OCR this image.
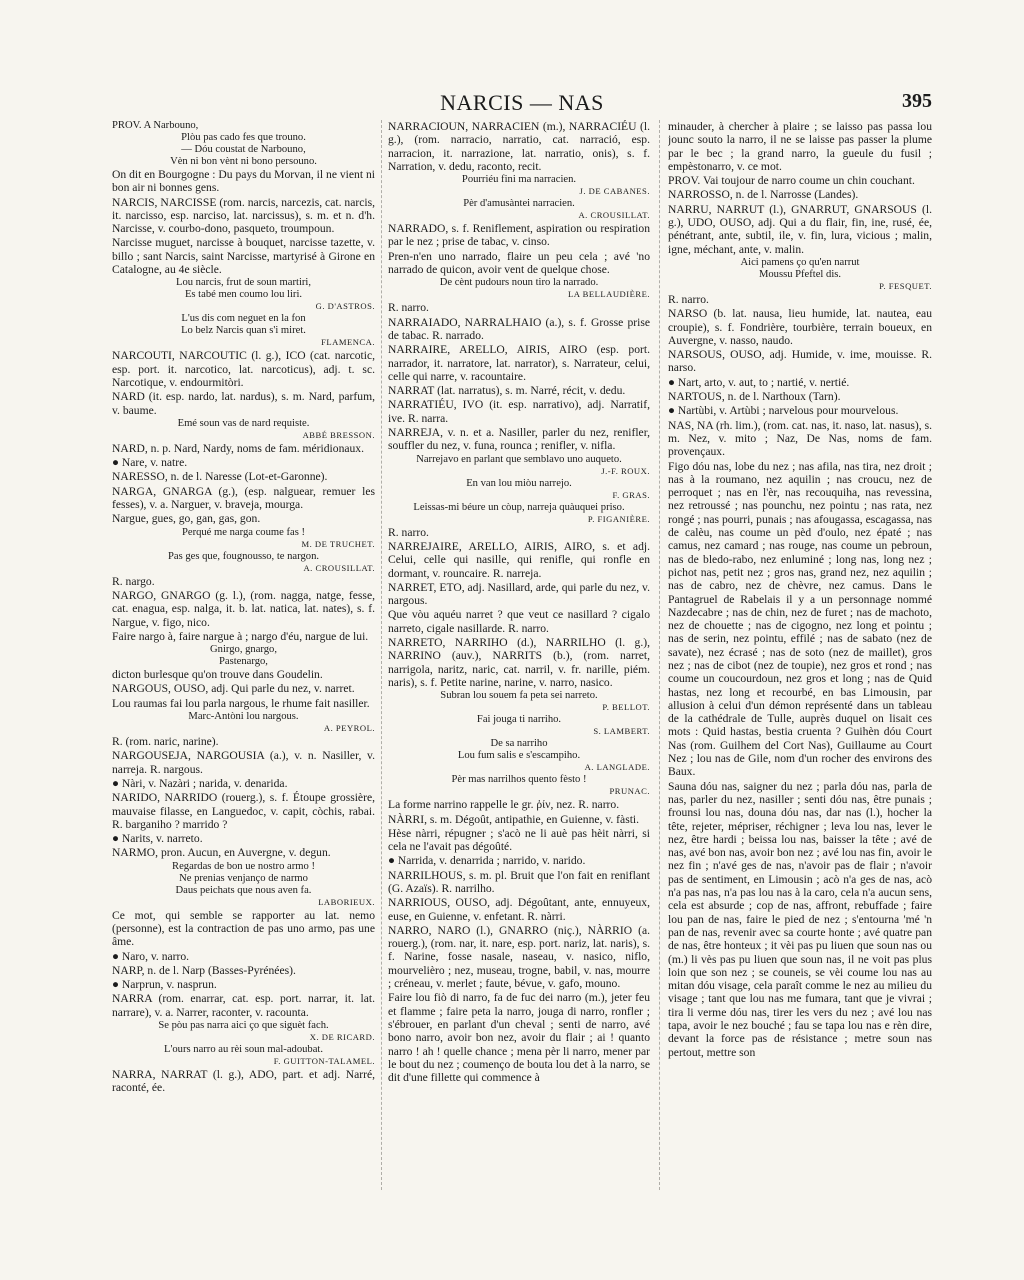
NARCIS — NAS	395

PROV. A Narbouno,

Plòu pas cado fes que trouno.

— Dóu coustat de Narbouno,

Vèn ni bon vènt ni bono persouno.

On dit en Bourgogne : Du pays du Morvan, il ne vient ni bon air ni bonnes gens.

NARCIS, NARCISSE (rom. narcis, narcezis, cat. narcis, it. narcisso, esp. narciso, lat. narcissus), s. m. et n. d'h. Narcisse, v. courbo-dono, pasqueto, troumpoun.

Narcisse muguet, narcisse à bouquet, narcisse tazette, v. billo ; sant Narcis, saint Narcisse, martyrisé à Girone en Catalogne, au 4e siècle.

Lou narcis, frut de soun martiri,

Es tabé men coumo lou liri.

G. D'ASTROS.

L'us dis com neguet en la fon

Lo belz Narcis quan s'i miret.

FLAMENCA.

NARCOUTI, NARCOUTIC (l. g.), ICO (cat. narcotic, esp. port. it. narcotico, lat. narcoticus), adj. t. sc. Narcotique, v. endourmitòri.

NARD (it. esp. nardo, lat. nardus), s. m. Nard, parfum, v. baume.

Emé soun vas de nard requiste.

ABBÉ BRESSON.

NARD, n. p. Nard, Nardy, noms de fam. méridionaux.

● Nare, v. natre.

NARESSO, n. de l. Naresse (Lot-et-Garonne).

NARGA, GNARGA (g.), (esp. nalguear, remuer les fesses), v. a. Narguer, v. braveja, mourga.

Nargue, gues, go, gan, gas, gon.

Perqué me narga coume fas !

M. DE TRUCHET.

Pas ges que, fougnousso, te nargon.

A. CROUSILLAT.

R. nargo.

NARGO, GNARGO (g. l.), (rom. nagga, natge, fesse, cat. enagua, esp. nalga, it. b. lat. natica, lat. nates), s. f. Nargue, v. figo, nico.

Faire nargo à, faire nargue à ; nargo d'éu, nargue de lui.

Gnirgo, gnargo,

Pastenargo,

dicton burlesque qu'on trouve dans Goudelin.

NARGOUS, OUSO, adj. Qui parle du nez, v. narret.

Lou raumas fai lou parla nargous, le rhume fait nasiller.

Marc-Antòni lou nargous.

A. PEYROL.

R. (rom. naric, narine).

NARGOUSEJA, NARGOUSIA (a.), v. n. Nasiller, v. narreja. R. nargous.

● Nàri, v. Nazàri ; narida, v. denarida.

NARIDO, NARRIDO (rouerg.), s. f. Étoupe grossière, mauvaise filasse, en Languedoc, v. capit, còchis, rabai. R. barganiho ? marrido ?

● Narits, v. narreto.

NARMO, pron. Aucun, en Auvergne, v. degun.

Regardas de bon ue nostro armo !

Ne prenias venjanço de narmo

Daus peichats que nous aven fa.

LABORIEUX.

Ce mot, qui semble se rapporter au lat. nemo (personne), est la contraction de pas uno armo, pas une âme.

● Naro, v. narro.

NARP, n. de l. Narp (Basses-Pyrénées).

● Narprun, v. nasprun.

NARRA (rom. enarrar, cat. esp. port. narrar, it. lat. narrare), v. a. Narrer, raconter, v. racounta.

Se pòu pas narra aici ço que siguèt fach.

X. DE RICARD.

L'ours narro au rèi soun mal-adoubat.

F. GUITTON-TALAMEL.

NARRA, NARRAT (l. g.), ADO, part. et adj. Narré, raconté, ée.

NARRACIOUN, NARRACIEN (m.), NARRACIÉU (l. g.), (rom. narracio, narratio, cat. narració, esp. narracion, it. narrazione, lat. narratio, onis), s. f. Narration, v. dedu, raconto, recit.

Pourriéu fini ma narracien.

J. DE CABANES.

Pèr d'amusàntei narracien.

A. CROUSILLAT.

NARRADO, s. f. Reniflement, aspiration ou respiration par le nez ; prise de tabac, v. cinso.

Pren-n'en uno narrado, flaire un peu cela ; avé 'no narrado de quicon, avoir vent de quelque chose.

De cènt pudours noun tiro la narrado.

LA BELLAUDIÈRE.

R. narro.

NARRAIADO, NARRALHAIO (a.), s. f. Grosse prise de tabac. R. narrado.

NARRAIRE, ARELLO, AIRIS, AIRO (esp. port. narrador, it. narratore, lat. narrator), s. Narrateur, celui, celle qui narre, v. racountaire.

NARRAT (lat. narratus), s. m. Narré, récit, v. dedu.

NARRATIÉU, IVO (it. esp. narrativo), adj. Narratif, ive. R. narra.

NARREJA, v. n. et a. Nasiller, parler du nez, renifler, souffler du nez, v. funa, rounca ; renifler, v. nifla.

Narrejavo en parlant que semblavo uno auqueto.

J.-F. ROUX.

En van lou miòu narrejo.

F. GRAS.

Leissas-mi béure un còup, narreja quàuquei priso.

P. FIGANIÈRE.

R. narro.

NARREJAIRE, ARELLO, AIRIS, AIRO, s. et adj. Celui, celle qui nasille, qui renifle, qui ronfle en dormant, v. rouncaire. R. narreja.

NARRET, ETO, adj. Nasillard, arde, qui parle du nez, v. nargous.

Que vòu aquéu narret ? que veut ce nasillard ? cigalo narreto, cigale nasillarde. R. narro.

NARRETO, NARRIHO (d.), NARRILHO (l. g.), NARRINO (auv.), NARRITS (b.), (rom. narret, narrigola, naritz, naric, cat. narril, v. fr. narille, piém. naris), s. f. Petite narine, narine, v. narro, nasico.

Subran lou souem fa peta sei narreto.

P. BELLOT.

Fai jouga ti narriho.

S. LAMBERT.

De sa narriho

Lou fum salis e s'escampiho.

A. LANGLADE.

Pèr mas narrilhos quento fèsto !

PRUNAC.

La forme narrino rappelle le gr. ῥίν, nez. R. narro.

NÀRRI, s. m. Dégoût, antipathie, en Guienne, v. fàsti.

Hèse nàrri, répugner ; s'acò ne li auè pas hèit nàrri, si cela ne l'avait pas dégoûté.

● Narrida, v. denarrida ; narrido, v. narido.

NARRILHOUS, s. m. pl. Bruit que l'on fait en reniflant (G. Azaïs). R. narrilho.

NARRIOUS, OUSO, adj. Dégoûtant, ante, ennuyeux, euse, en Guienne, v. enfetant. R. nàrri.

NARRO, NARO (l.), GNARRO (niç.), NÀRRIO (a. rouerg.), (rom. nar, it. nare, esp. port. nariz, lat. naris), s. f. Narine, fosse nasale, naseau, v. nasico, niflo, mourvelièro ; nez, museau, trogne, babil, v. nas, mourre ; créneau, v. merlet ; faute, bévue, v. gafo, mouno.

Faire lou fiò di narro, fa de fuc dei narro (m.), jeter feu et flamme ; faire peta la narro, jouga di narro, ronfler ; s'ébrouer, en parlant d'un cheval ; senti de narro, avé bono narro, avoir bon nez, avoir du flair ; ai ! quanto narro ! ah ! quelle chance ; mena pèr li narro, mener par le bout du nez ; coumenço de bouta lou det à la narro, se dit d'une fillette qui commence à

minauder, à chercher à plaire ; se laisso pas passa lou jounc souto la narro, il ne se laisse pas passer la plume par le bec ; la grand narro, la gueule du fusil ; empèstonarro, v. ce mot.

PROV. Vai toujour de narro coume un chin couchant.

NARROSSO, n. de l. Narrosse (Landes).

NARRU, NARRUT (l.), GNARRUT, GNARSOUS (l. g.), UDO, OUSO, adj. Qui a du flair, fin, ine, rusé, ée, pénétrant, ante, subtil, ile, v. fin, lura, vicious ; malin, igne, méchant, ante, v. malin.

Aici pamens ço qu'en narrut

Moussu Pfeftel dis.

P. FESQUET.

R. narro.

NARSO (b. lat. nausa, lieu humide, lat. nautea, eau croupie), s. f. Fondrière, tourbière, terrain boueux, en Auvergne, v. nasso, naudo.

NARSOUS, OUSO, adj. Humide, v. ime, mouisse. R. narso.

● Nart, arto, v. aut, to ; nartié, v. nertié.

NARTOUS, n. de l. Narthoux (Tarn).

● Nartùbi, v. Artùbi ; narvelous pour mourvelous.

NAS, NA (rh. lim.), (rom. cat. nas, it. naso, lat. nasus), s. m. Nez, v. mito ; Naz, De Nas, noms de fam. provençaux.

Figo dóu nas, lobe du nez ; nas afila, nas tira, nez droit ; nas à la roumano, nez aquilin ; nas croucu, nez de perroquet ; nas en l'èr, nas recouquiha, nas revessina, nez retroussé ; nas pounchu, nez pointu ; nas rata, nez rongé ; nas pourri, punais ; nas afougassa, escagassa, nas de calèu, nas coume un pèd d'oulo, nez épaté ; nas camus, nez camard ; nas rouge, nas coume un pebroun, nas de bledo-rabo, nez enluminé ; long nas, long nez ; pichot nas, petit nez ; gros nas, grand nez, nez aquilin ; nas de cabro, nez de chèvre, nez camus. Dans le Pantagruel de Rabelais il y a un personnage nommé Nazdecabre ; nas de chin, nez de furet ; nas de machoto, nez de chouette ; nas de cigogno, nez long et pointu ; nas de serin, nez pointu, effilé ; nas de sabato (nez de savate), nez écrasé ; nas de soto (nez de maillet), gros nez ; nas de cibot (nez de toupie), nez gros et rond ; nas coume un coucourdoun, nez gros et long ; nas de Quid hastas, nez long et recourbé, en bas Limousin, par allusion à celui d'un démon représenté dans un tableau de la cathédrale de Tulle, auprès duquel on lisait ces mots : Quid hastas, bestia cruenta ? Guihèn dóu Court Nas (rom. Guilhem del Cort Nas), Guillaume au Court Nez ; lou nas de Gile, nom d'un rocher des environs des Baux.

Sauna dóu nas, saigner du nez ; parla dóu nas, parla de nas, parler du nez, nasiller ; senti dóu nas, être punais ; frounsi lou nas, douna dóu nas, dar nas (l.), hocher la tête, rejeter, mépriser, réchigner ; leva lou nas, lever le nez, être hardi ; beissa lou nas, baisser la tête ; avé de nas, avé bon nas, avoir bon nez ; avé lou nas fin, avoir le nez fin ; n'avé ges de nas, n'avoir pas de flair ; n'avoir pas de sentiment, en Limousin ; acò n'a ges de nas, acò n'a pas nas, n'a pas lou nas à la caro, cela n'a aucun sens, cela est absurde ; cop de nas, affront, rebuffade ; faire lou pan de nas, faire le pied de nez ; s'entourna 'mé 'n pan de nas, revenir avec sa courte honte ; avé quatre pan de nas, être honteux ; it vèi pas pu liuen que soun nas ou (m.) li vès pas pu liuen que soun nas, il ne voit pas plus loin que son nez ; se couneis, se vèi coume lou nas au mitan dóu visage, cela paraît comme le nez au milieu du visage ; tant que lou nas me fumara, tant que je vivrai ; tira li verme dóu nas, tirer les vers du nez ; avé lou nas tapa, avoir le nez bouché ; fau se tapa lou nas e rèn dire, devant la force pas de résistance ; metre soun nas pertout, mettre son
